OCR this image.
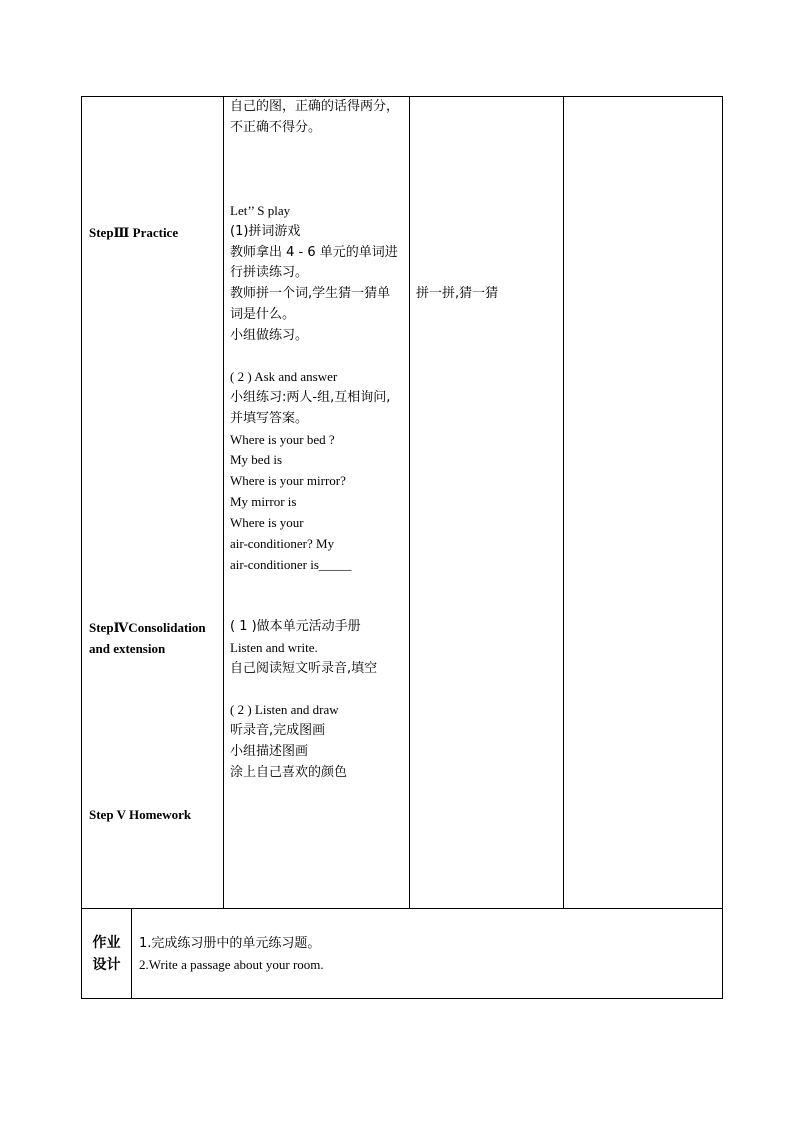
StepⅢ Practice
StepⅣConsolidation
and extension
Step V Homework
自己的图，正确的话得两分，
不正确不得分。
Let’’ S play
(1)拼词游戏
教师拿出 4 - 6 单元的单词进
行拼读练习。
教师拼一个词,学生猜一猜单
词是什么。
小组做练习。
( 2 ) Ask and answer
小组练习:两人-组,互相询问,
并填写答案。
Where is your bed ?
My bed is
Where is your mirror?
My mirror is
Where is your
air-conditioner? My
air-conditioner is_____
( 1 )做本单元活动手册
Listen and write.
自己阅读短文听录音,填空
( 2 ) Listen and draw
听录音,完成图画
小组描述图画
涂上自己喜欢的颜色
拼一拼,猜一猜
作业
设计
1.完成练习册中的单元练习题。
2.Write a passage about your room.
